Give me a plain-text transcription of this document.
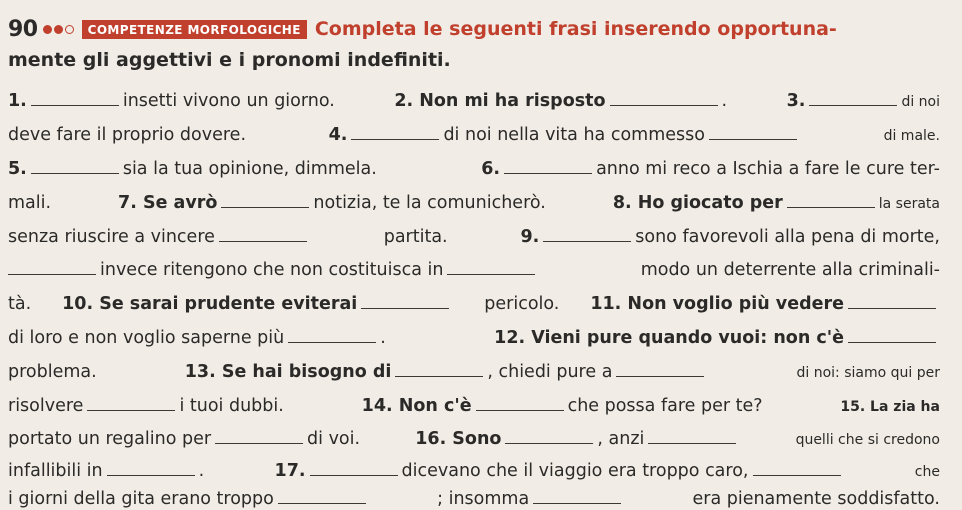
90	COMPETENZE MORFOLOGICHE Completa le seguenti frasi inserendo opportuna-
mente gli aggettivi e i pronomi indefiniti.
1.	insetti vivono un giorno.	2. Non mi ha risposto	.	3.	di noi
deve fare il proprio dovere.	4.	di noi nella vita ha commesso	di male.
5.	sia la tua opinione, dimmela.	6.	anno mi reco a Ischia a fare le cure ter-
mali.	7. Se avrò	notizia, te la comunicherò.	8. Ho giocato per	la serata
senza riuscire a vincere	partita.	9.	sono favorevoli alla pena di morte,
invece ritengono che non costituisca in	modo un deterrente alla criminali-
tà. 10. Se sarai prudente eviterai	pericolo. 11. Non voglio più vedere
di loro e non voglio saperne più	.	12. Vieni pure quando vuoi: non c'è
problema.	13. Se hai bisogno di	, chiedi pure a	di noi: siamo qui per
risolvere	i tuoi dubbi.	14. Non c'è	che possa fare per te?	15. La zia ha
portato un regalino per	di voi.	16. Sono	, anzi	quelli che si credono
infallibili in	.	17.	dicevano che il viaggio era troppo caro,	che
i giorni della gita erano troppo	; insomma	era pienamente soddisfatto.
